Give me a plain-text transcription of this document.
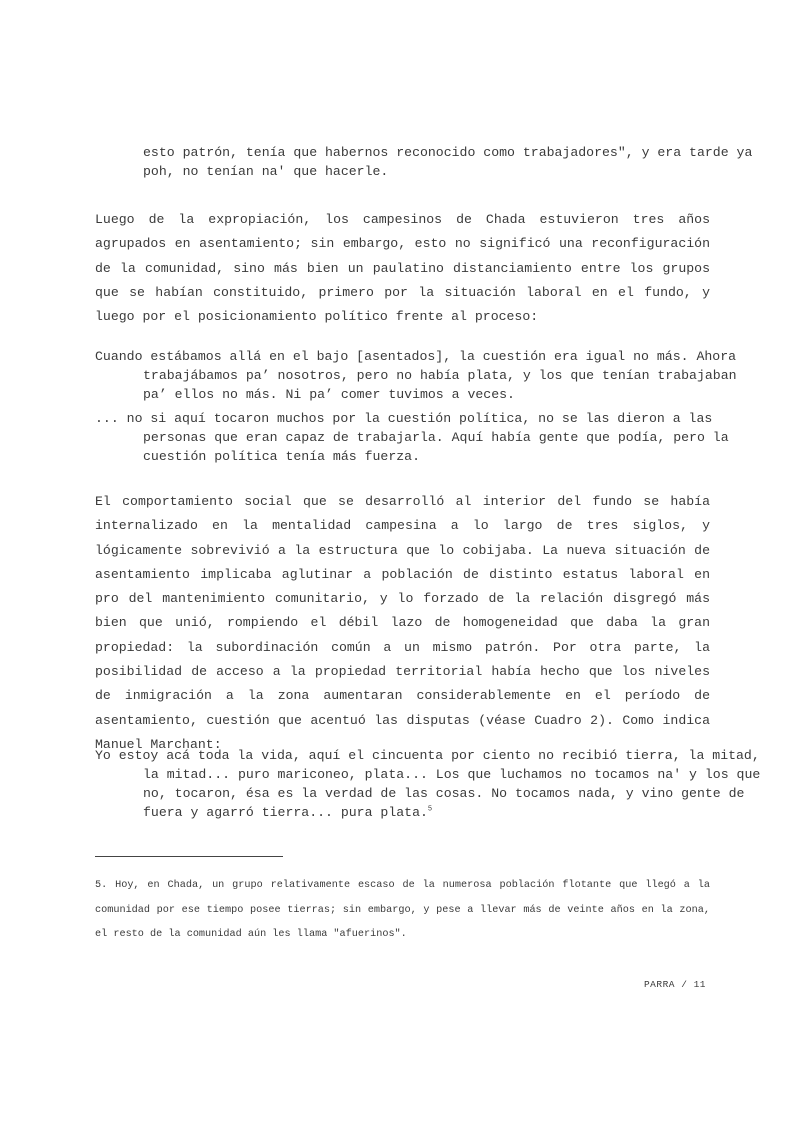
esto patrón, tenía que habernos reconocido como trabajadores", y era tarde ya poh, no tenían na' que hacerle.

Luego de la expropiación, los campesinos de Chada estuvieron tres años agrupados en asentamiento; sin embargo, esto no significó una reconfiguración de la comunidad, sino más bien un paulatino distanciamiento entre los grupos que se habían constituido, primero por la situación laboral en el fundo, y luego por el posicionamiento político frente al proceso:

Cuando estábamos allá en el bajo [asentados], la cuestión era igual no más. Ahora trabajábamos pa’ nosotros, pero no había plata, y los que tenían trabajaban pa’ ellos no más. Ni pa’ comer tuvimos a veces.

... no si aquí tocaron muchos por la cuestión política, no se las dieron a las personas que eran capaz de trabajarla. Aquí había gente que podía, pero la cuestión política tenía más fuerza.

El comportamiento social que se desarrolló al interior del fundo se había internalizado en la mentalidad campesina a lo largo de tres siglos, y lógicamente sobrevivió a la estructura que lo cobijaba. La nueva situación de asentamiento implicaba aglutinar a población de distinto estatus laboral en pro del mantenimiento comunitario, y lo forzado de la relación disgregó más bien que unió, rompiendo el débil lazo de homogeneidad que daba la gran propiedad: la subordinación común a un mismo patrón. Por otra parte, la posibilidad de acceso a la propiedad territorial había hecho que los niveles de inmigración a la zona aumentaran considerablemente en el período de asentamiento, cuestión que acentuó las disputas (véase Cuadro 2). Como indica Manuel Marchant:

Yo estoy acá toda la vida, aquí el cincuenta por ciento no recibió tierra, la mitad, la mitad... puro mariconeo, plata... Los que luchamos no tocamos na' y los que no, tocaron, ésa es la verdad de las cosas. No tocamos nada, y vino gente de fuera y agarró tierra... pura plata.$^5$

5. Hoy, en Chada, un grupo relativamente escaso de la numerosa población flotante que llegó a la comunidad por ese tiempo posee tierras; sin embargo, y pese a llevar más de veinte años en la zona, el resto de la comunidad aún les llama "afuerinos".

PARRA / 11
